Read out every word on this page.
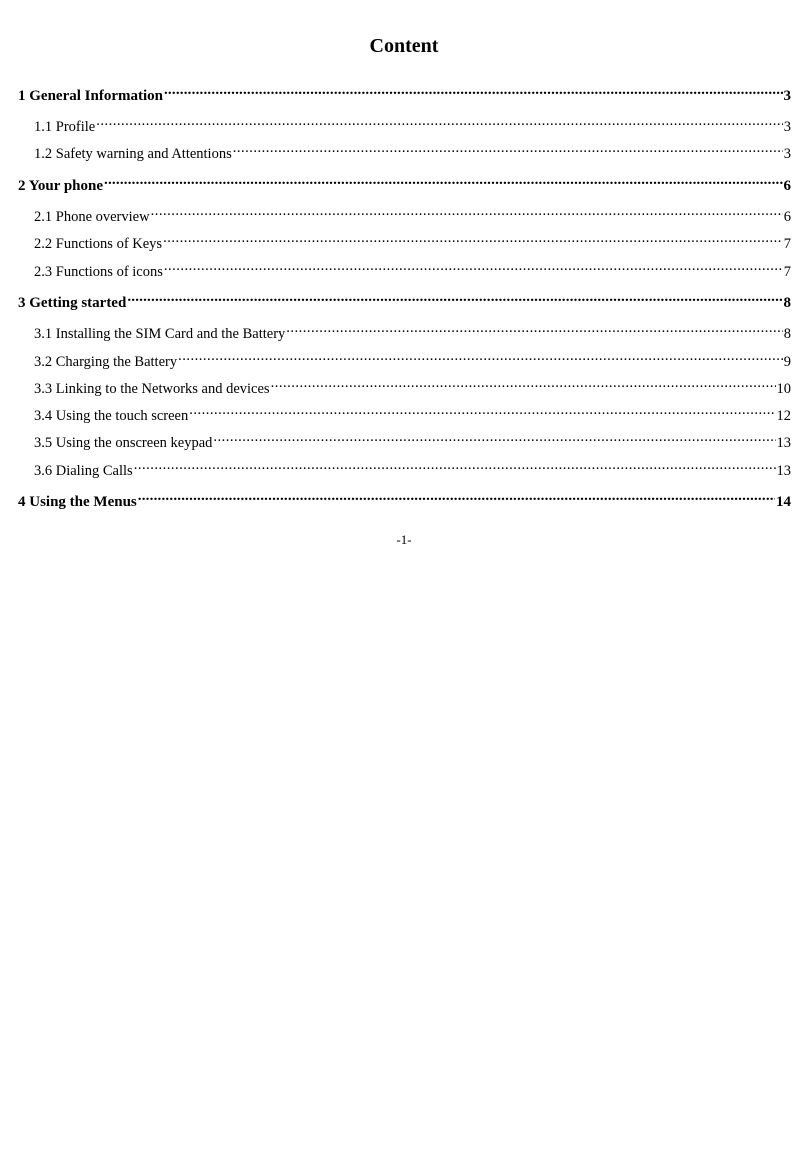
Content
1 General Information .....	3
1.1 Profile .....	3
1.2 Safety warning and Attentions .....	3
2 Your phone .....	6
2.1 Phone overview .....	6
2.2 Functions of Keys .....	7
2.3 Functions of icons .....	7
3 Getting started .....	8
3.1 Installing the SIM Card and the Battery .....	8
3.2 Charging the Battery .....	9
3.3 Linking to the Networks and devices .....	10
3.4 Using the touch screen .....	12
3.5 Using the onscreen keypad .....	13
3.6 Dialing Calls .....	13
4 Using the Menus .....	14
-1-
